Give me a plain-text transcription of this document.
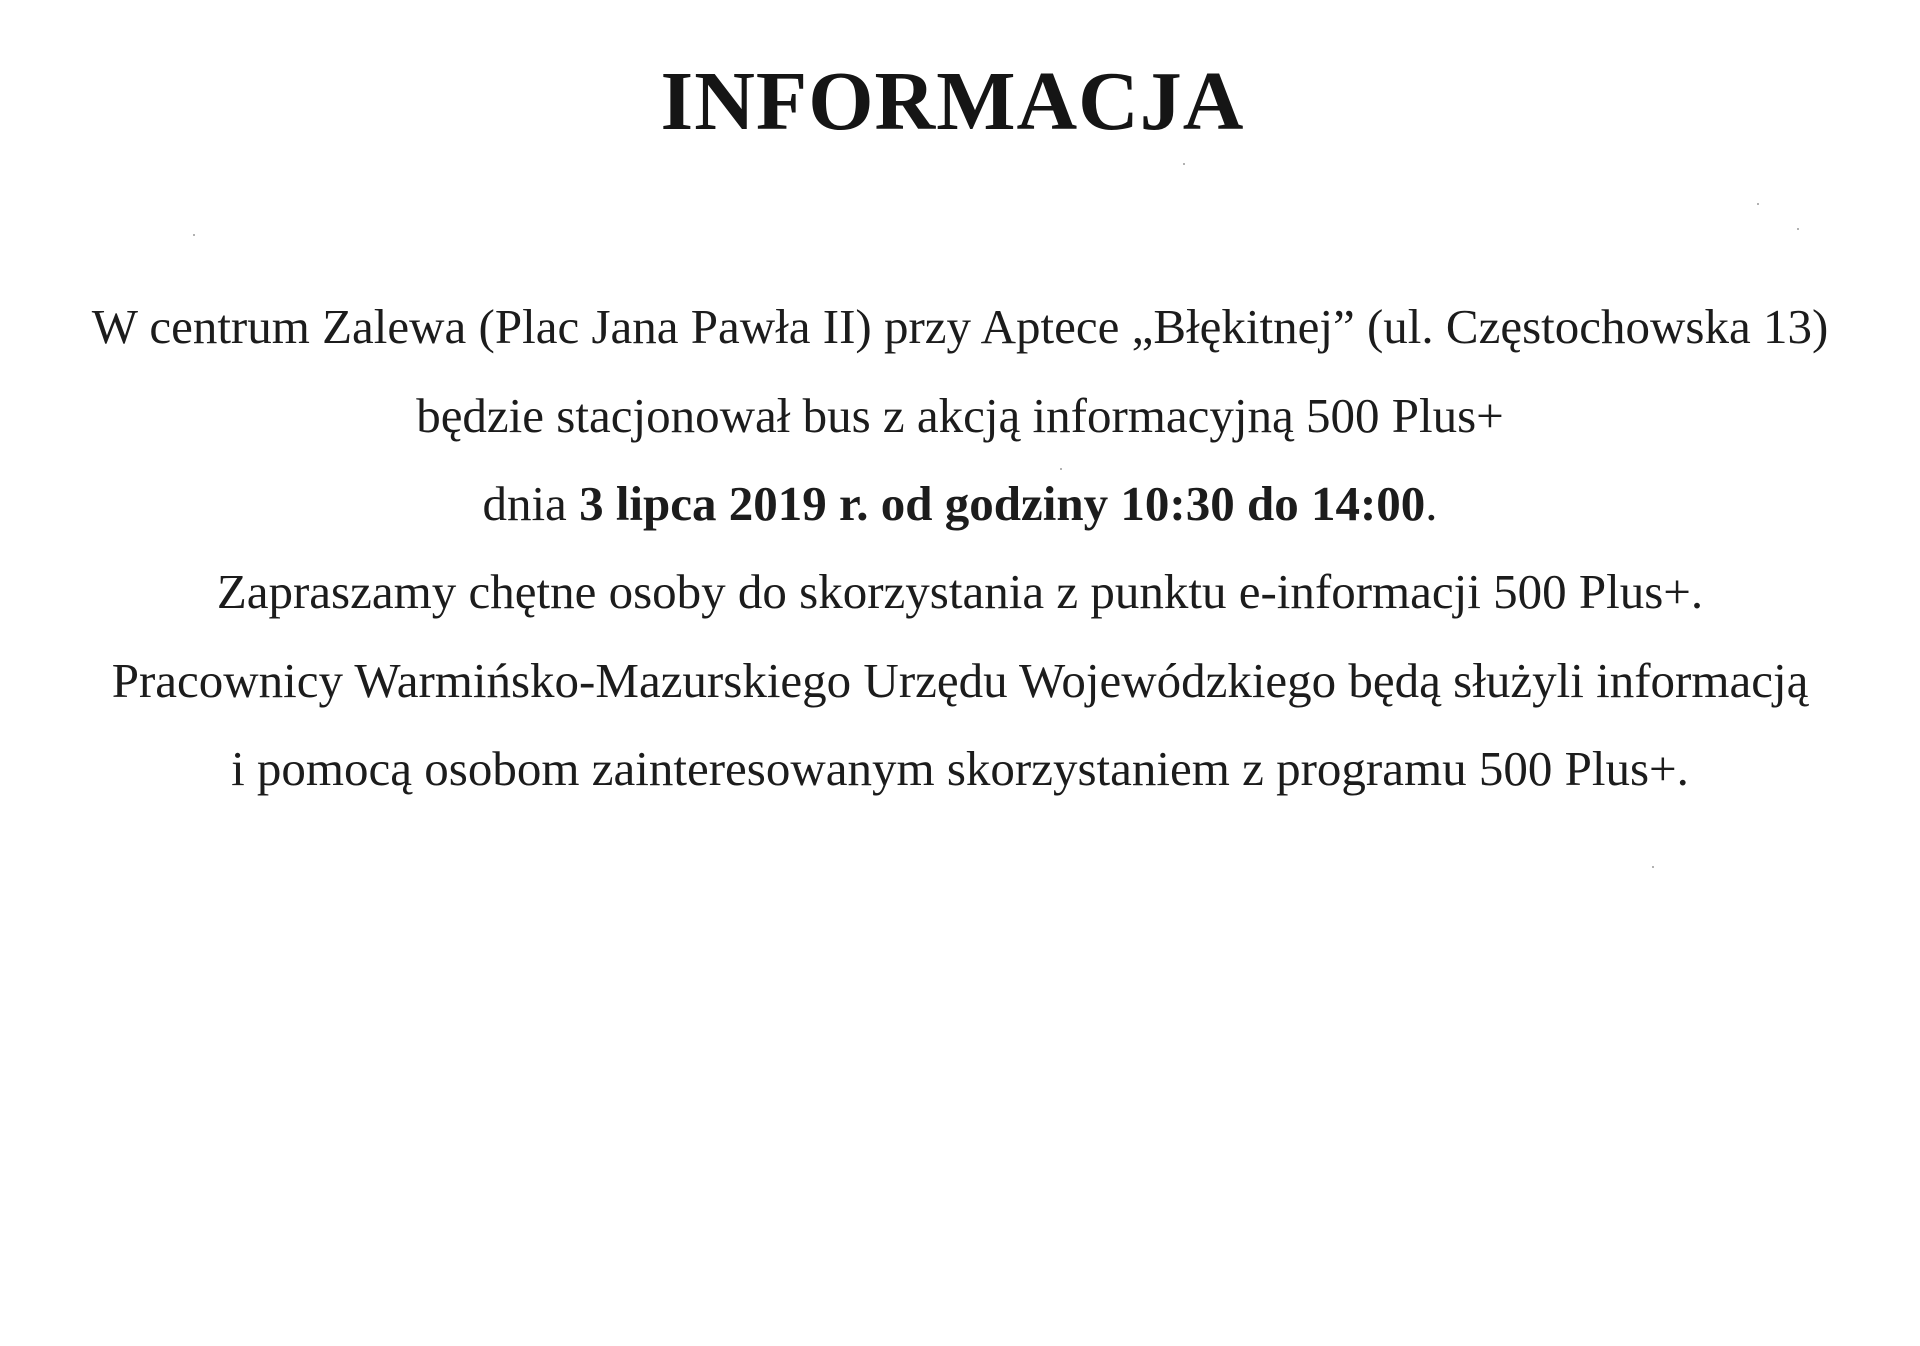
INFORMACJA
W centrum Zalewa (Plac Jana Pawła II) przy Aptece „Błękitnej” (ul. Częstochowska 13)
będzie stacjonował bus z akcją informacyjną 500 Plus+
dnia 3 lipca 2019 r. od godziny 10:30 do 14:00.
Zapraszamy chętne osoby do skorzystania z punktu e-informacji 500 Plus+.
Pracownicy Warmińsko-Mazurskiego Urzędu Wojewódzkiego będą służyli informacją
i pomocą osobom zainteresowanym skorzystaniem z programu 500 Plus+.
